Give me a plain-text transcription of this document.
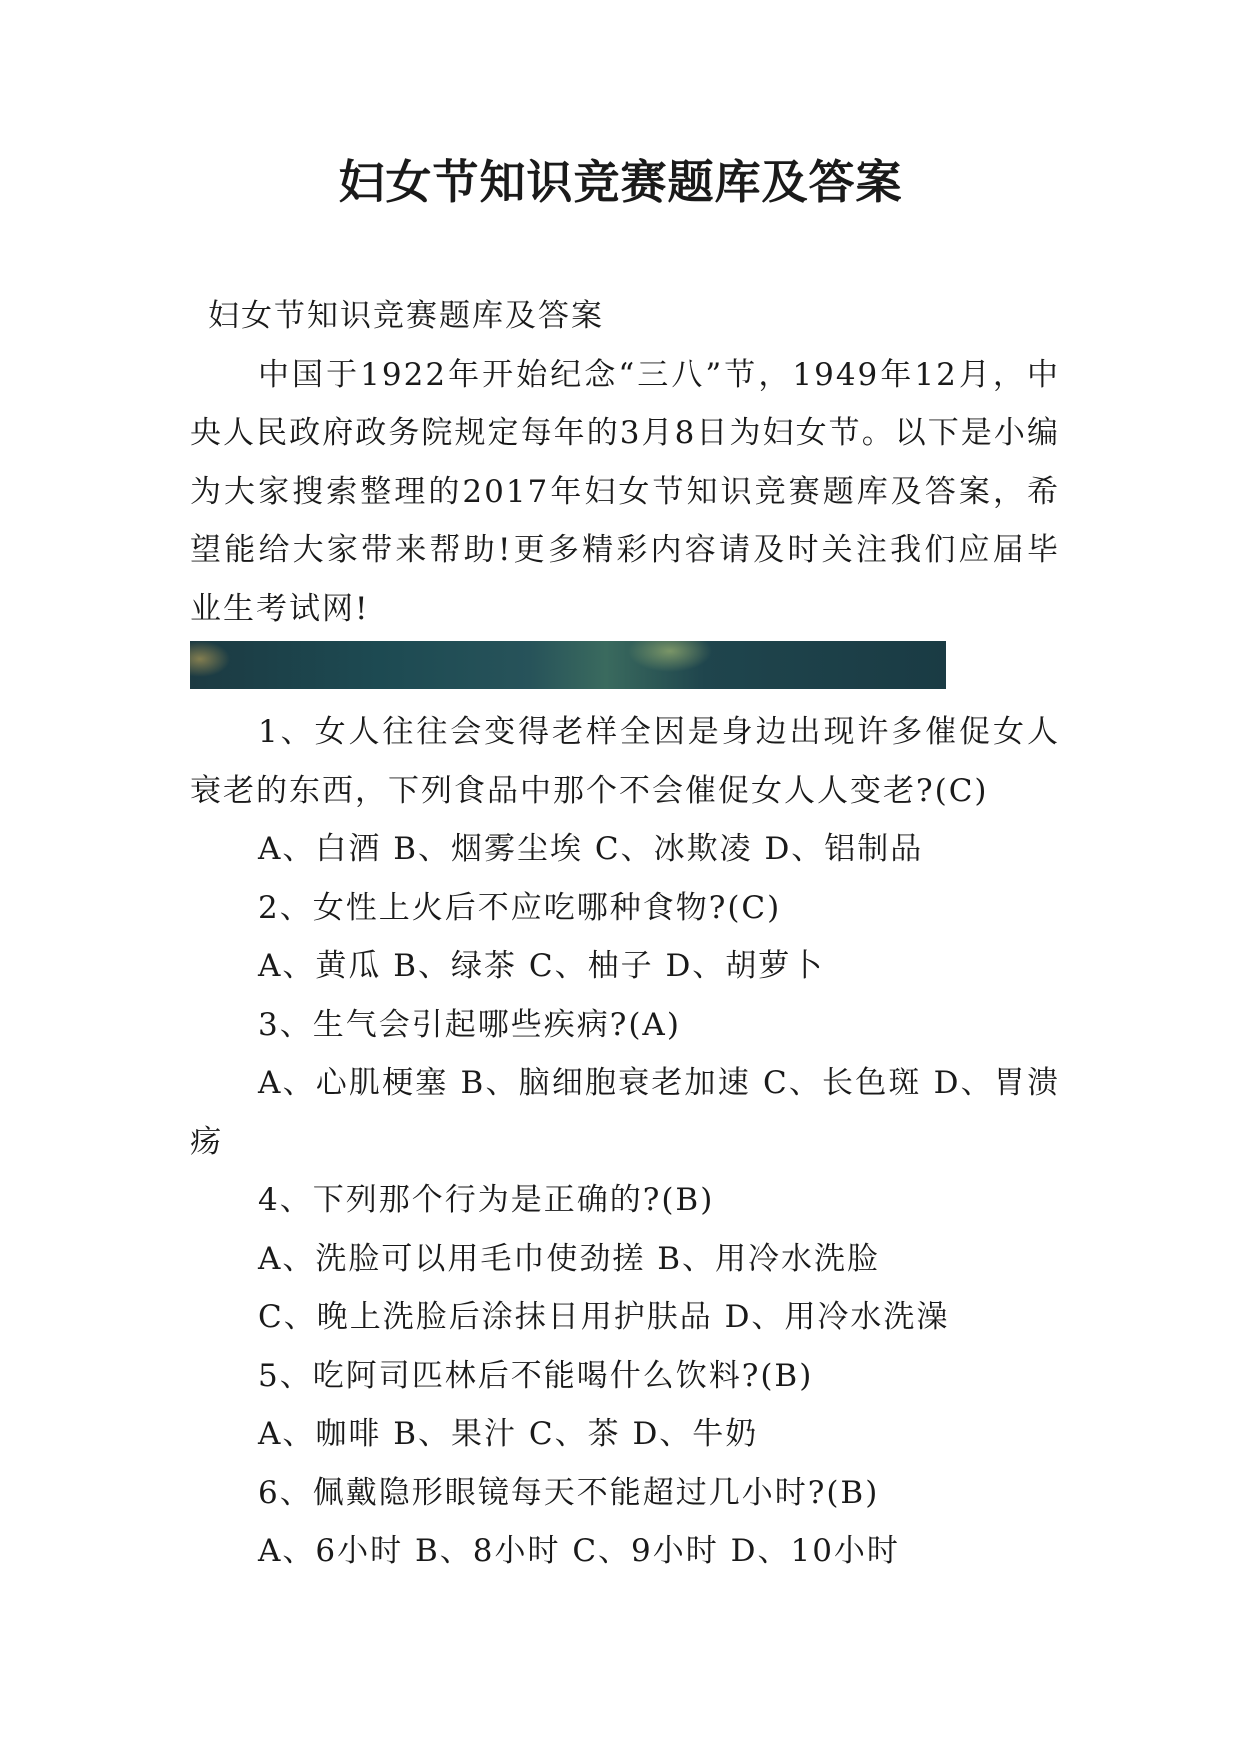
妇女节知识竞赛题库及答案

妇女节知识竞赛题库及答案

中国于1922年开始纪念“三八”节，1949年12月，中央人民政府政务院规定每年的3月8日为妇女节。以下是小编为大家搜索整理的2017年妇女节知识竞赛题库及答案，希望能给大家带来帮助!更多精彩内容请及时关注我们应届毕业生考试网!

1、女人往往会变得老样全因是身边出现许多催促女人衰老的东西，下列食品中那个不会催促女人人变老?(C)

A、白酒 B、烟雾尘埃 C、冰欺凌 D、铝制品

2、女性上火后不应吃哪种食物?(C)

A、黄瓜 B、绿茶 C、柚子 D、胡萝卜

3、生气会引起哪些疾病?(A)

A、心肌梗塞 B、脑细胞衰老加速 C、长色斑 D、胃溃疡

4、下列那个行为是正确的?(B)

A、洗脸可以用毛巾使劲搓 B、用冷水洗脸

C、晚上洗脸后涂抹日用护肤品 D、用冷水洗澡

5、吃阿司匹林后不能喝什么饮料?(B)

A、咖啡 B、果汁 C、茶 D、牛奶

6、佩戴隐形眼镜每天不能超过几小时?(B)

A、6小时 B、8小时 C、9小时 D、10小时
